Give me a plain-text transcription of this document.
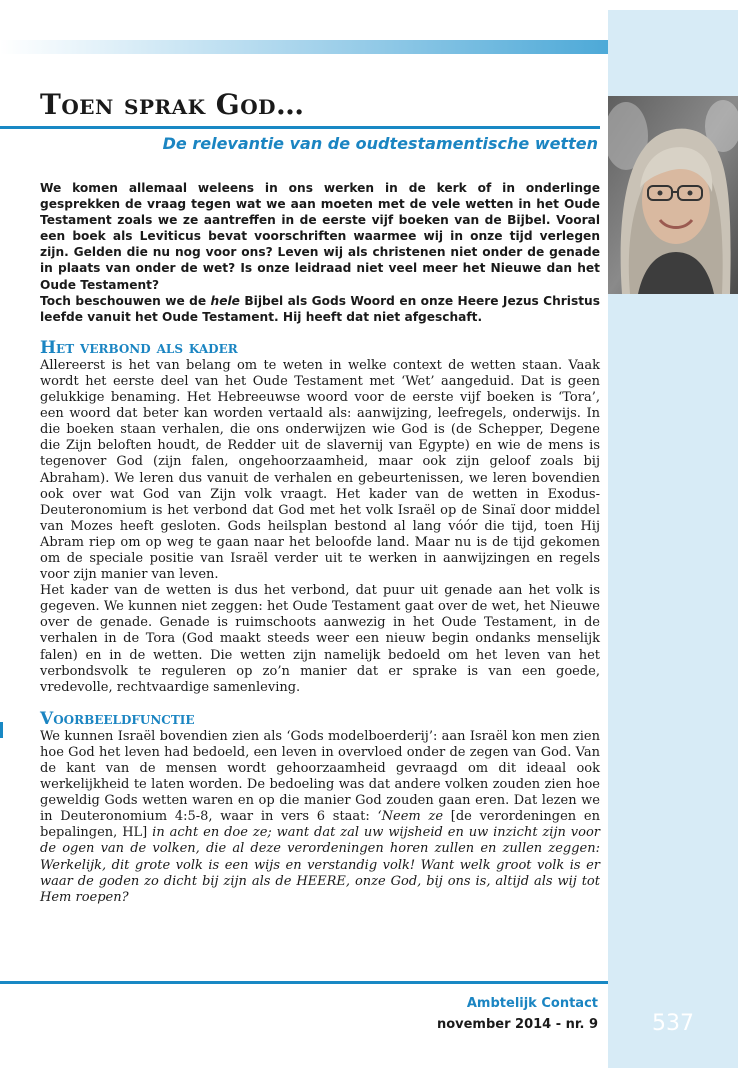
Toen sprak God…
De relevantie van de oudtestamentische wetten

We komen allemaal weleens in ons werken in de kerk of in onderlinge gesprekken de vraag tegen wat we aan moeten met de vele wetten in het Oude Testament zoals we ze aantreffen in de eerste vijf boeken van de Bijbel. Vooral een boek als Leviticus bevat voorschriften waarmee wij in onze tijd verlegen zijn. Gelden die nu nog voor ons? Leven wij als christenen niet onder de genade in plaats van onder de wet? Is onze leidraad niet veel meer het Nieuwe dan het Oude Testament?

Toch beschouwen we de hele Bijbel als Gods Woord en onze Heere Jezus Christus leefde vanuit het Oude Testament. Hij heeft dat niet afgeschaft.

Het verbond als kader

Allereerst is het van belang om te weten in welke context de wetten staan. Vaak wordt het eerste deel van het Oude Testament met ‘Wet’ aangeduid. Dat is geen gelukkige benaming. Het Hebreeuwse woord voor de eerste vijf boeken is ‘Tora’, een woord dat beter kan worden vertaald als: aanwijzing, leefregels, onderwijs. In die boeken staan verhalen, die ons onderwijzen wie God is (de Schepper, Degene die Zijn beloften houdt, de Redder uit de slavernij van Egypte) en wie de mens is tegenover God (zijn falen, ongehoorzaamheid, maar ook zijn geloof zoals bij Abraham). We leren dus vanuit de verhalen en gebeurtenissen, we leren bovendien ook over wat God van Zijn volk vraagt. Het kader van de wetten in Exodus-Deuteronomium is het verbond dat God met het volk Israël op de Sinaï door middel van Mozes heeft gesloten. Gods heilsplan bestond al lang vóór die tijd, toen Hij Abram riep om op weg te gaan naar het beloofde land. Maar nu is de tijd gekomen om de speciale positie van Israël verder uit te werken in aanwijzingen en regels voor zijn manier van leven.

Het kader van de wetten is dus het verbond, dat puur uit genade aan het volk is gegeven. We kunnen niet zeggen: het Oude Testament gaat over de wet, het Nieuwe over de genade. Genade is ruimschoots aanwezig in het Oude Testament, in de verhalen in de Tora (God maakt steeds weer een nieuw begin ondanks menselijk falen) en in de wetten. Die wetten zijn namelijk bedoeld om het leven van het verbondsvolk te reguleren op zo’n manier dat er sprake is van een goede, vredevolle, rechtvaardige samenleving.

Voorbeeldfunctie

We kunnen Israël bovendien zien als ‘Gods modelboerderij’: aan Israël kon men zien hoe God het leven had bedoeld, een leven in overvloed onder de zegen van God. Van de kant van de mensen wordt gehoorzaamheid gevraagd om dit ideaal ook werkelijkheid te laten worden. De bedoeling was dat andere volken zouden zien hoe geweldig Gods wetten waren en op die manier God zouden gaan eren. Dat lezen we in Deuteronomium 4:5-8, waar in vers 6 staat: ‘Neem ze [de verordeningen en bepalingen, HL] in acht en doe ze; want dat zal uw wijsheid en uw inzicht zijn voor de ogen van de volken, die al deze verordeningen horen zullen en zullen zeggen: Werkelijk, dit grote volk is een wijs en verstandig volk! Want welk groot volk is er waar de goden zo dicht bij zijn als de HEERE, onze God, bij ons is, altijd als wij tot Hem roepen?

Ambtelijk Contact

november 2014 - nr. 9	537
